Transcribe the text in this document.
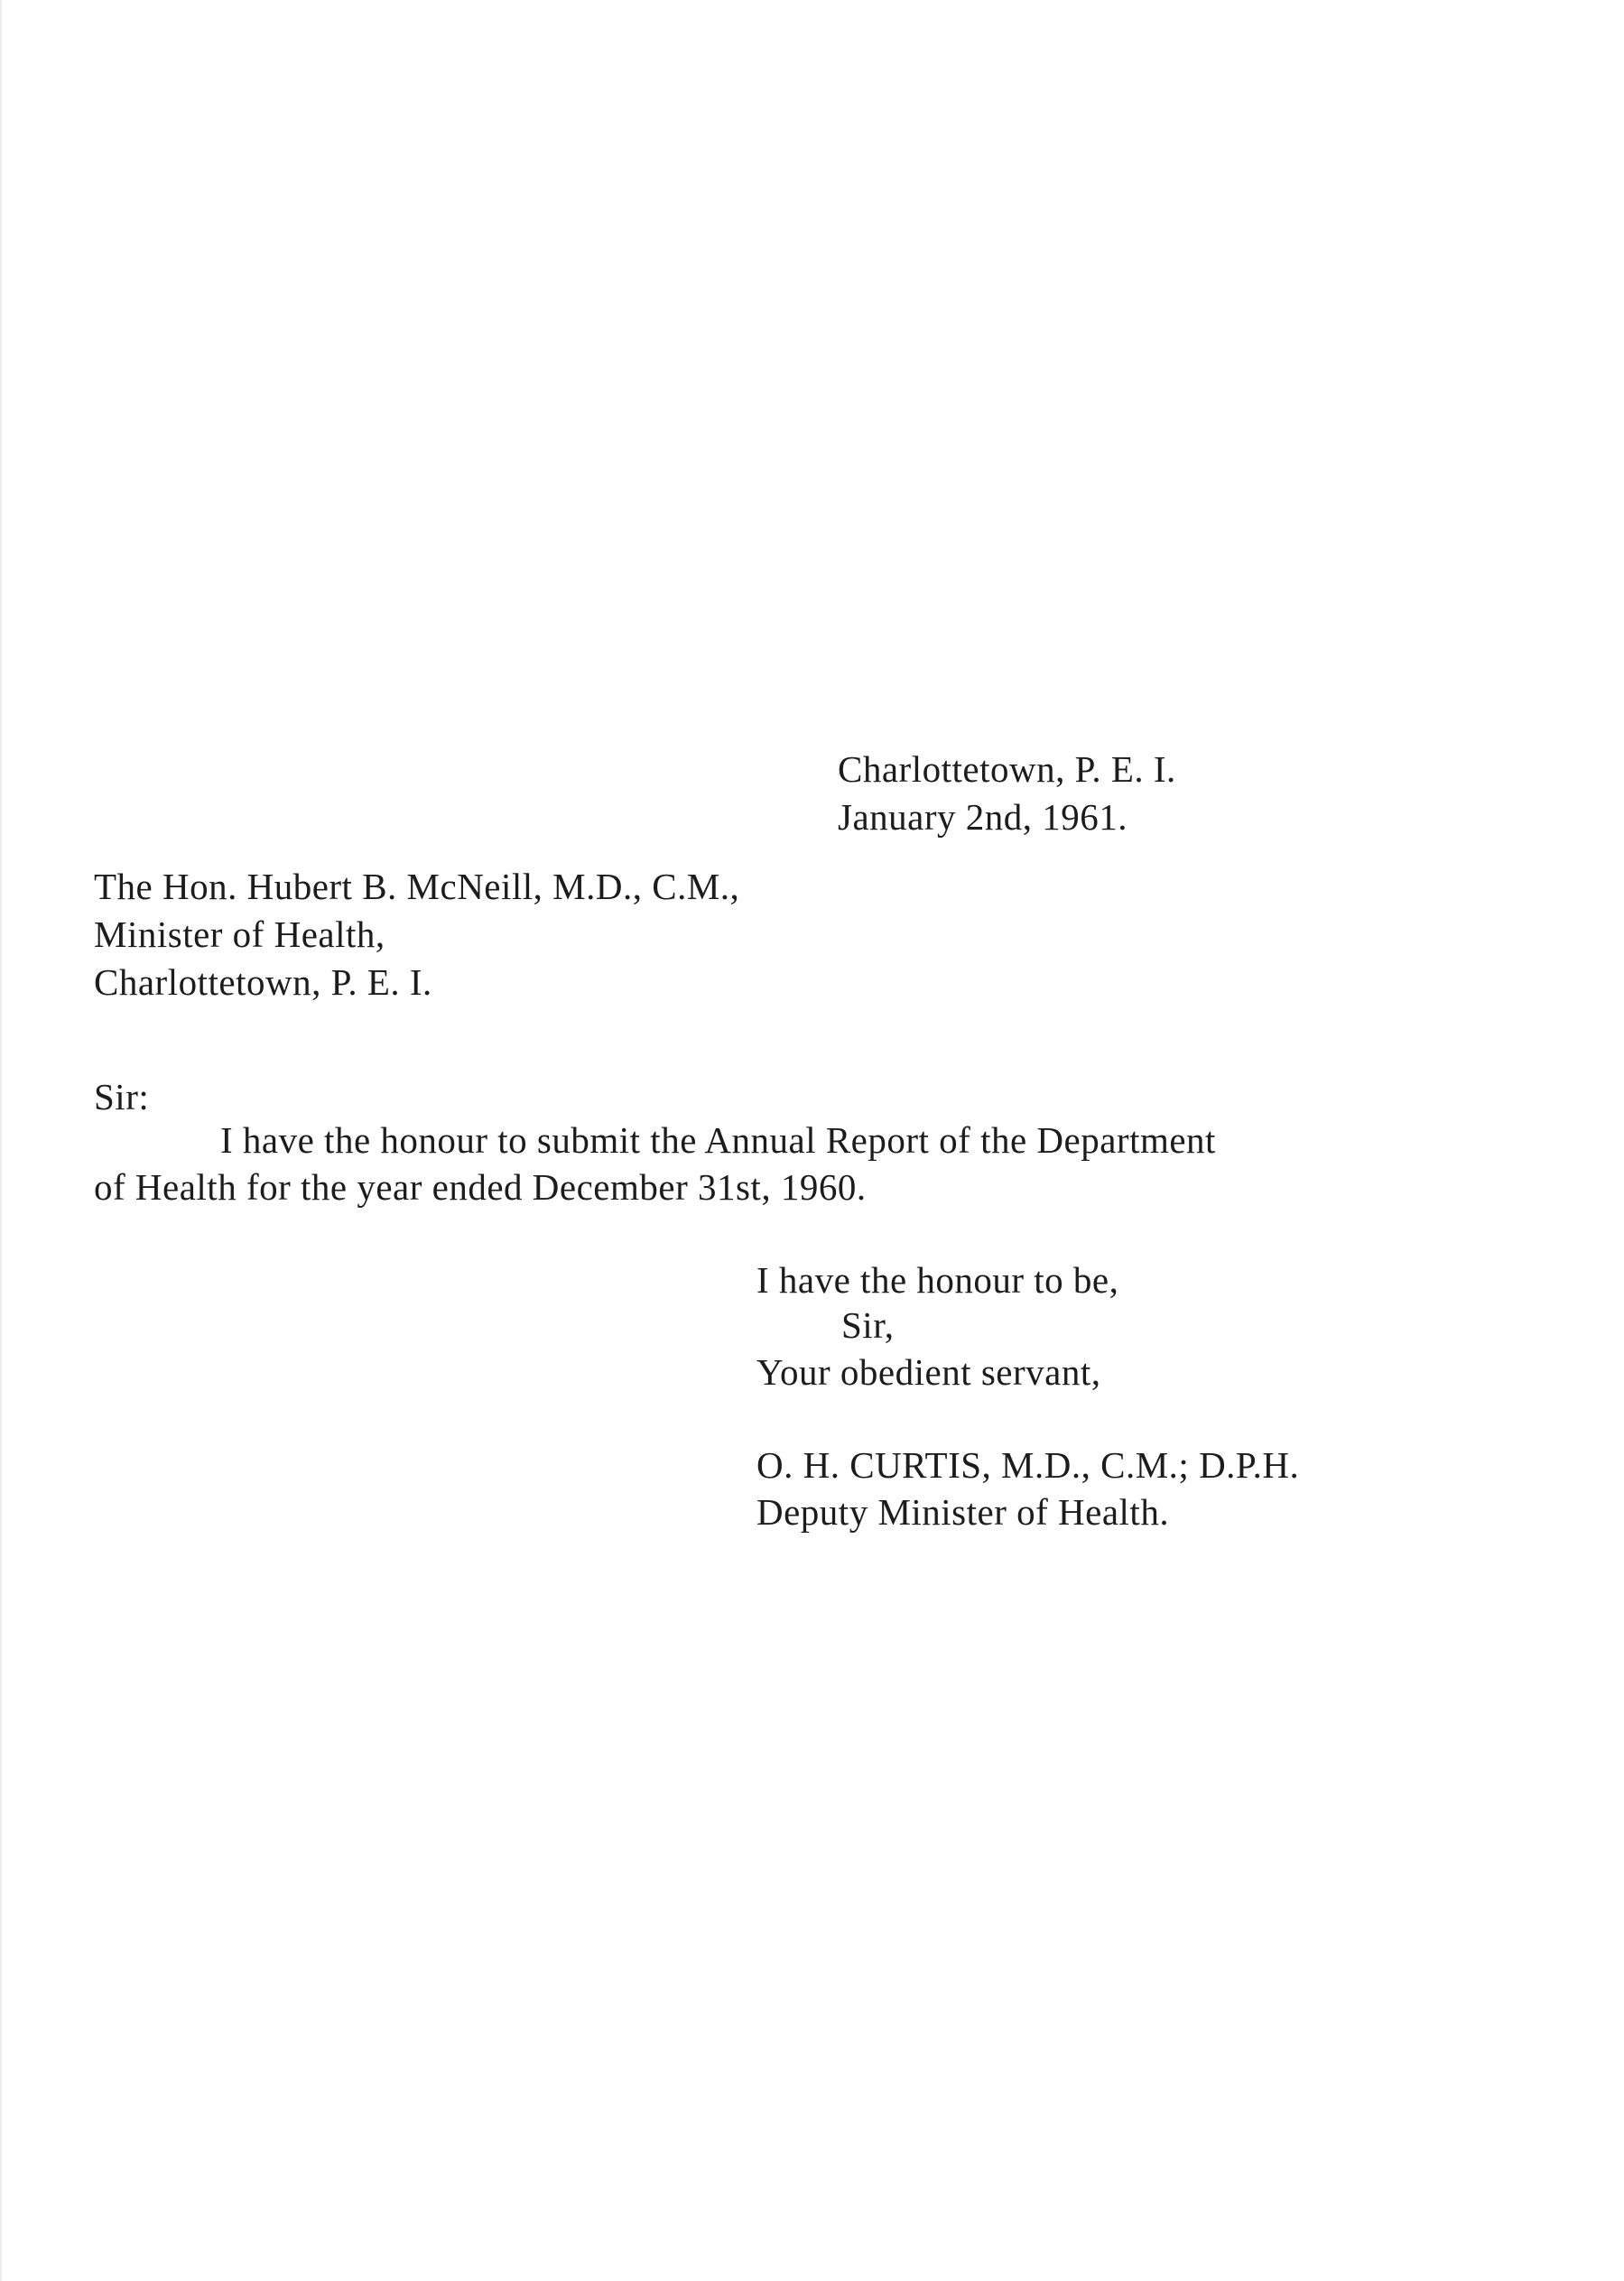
Charlottetown, P. E. I.
January 2nd, 1961.
The Hon. Hubert B. McNeill, M.D., C.M.,
Minister of Health,
Charlottetown, P. E. I.
Sir:
I have the honour to submit the Annual Report of the Department
of Health for the year ended December 31st, 1960.
I have the honour to be,
Sir,
Your obedient servant,
O. H. CURTIS, M.D., C.M.; D.P.H.
Deputy Minister of Health.
